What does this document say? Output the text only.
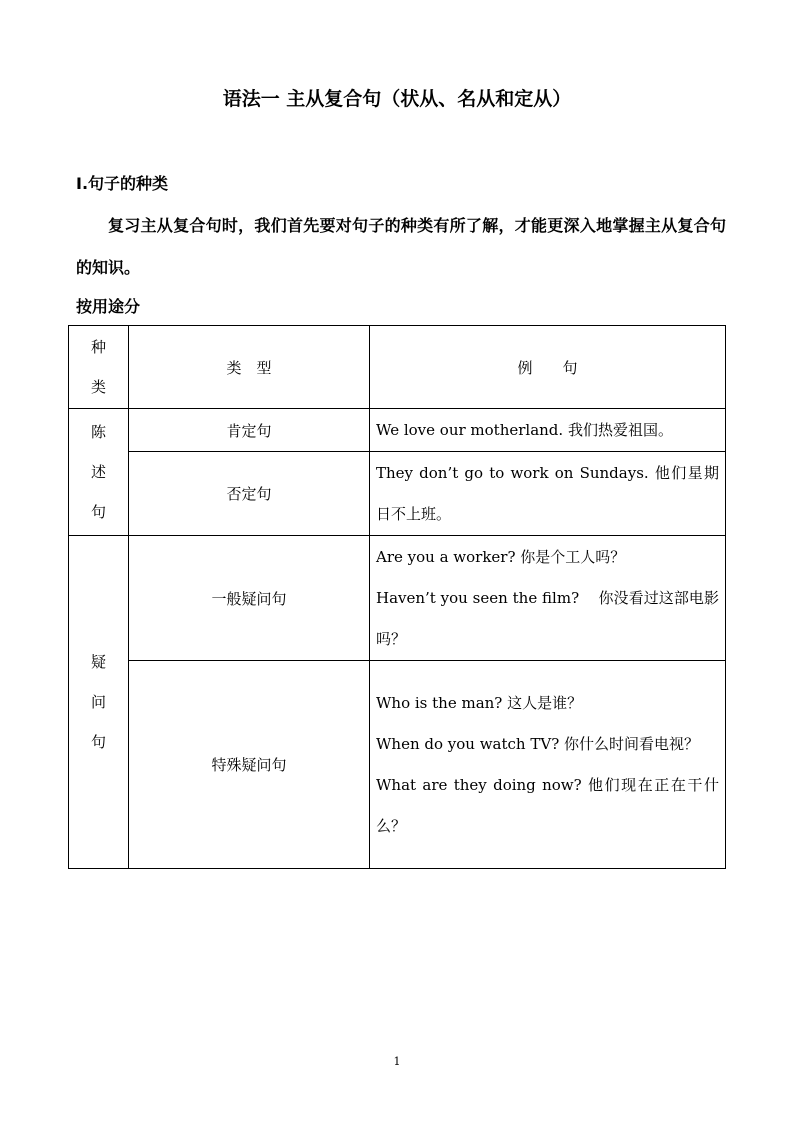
语法一 主从复合句（状从、名从和定从）
I.句子的种类
复习主从复合句时，我们首先要对句子的种类有所了解，才能更深入地掌握主从复合句的知识。
按用途分
种类	类　型	例　　句
陈述句	肯定句	We love our motherland. 我们热爱祖国。

	否定句	They don’t go to work on Sundays. 他们星期日不上班。

疑问句	一般疑问句	Are you a worker? 你是个工人吗？
Haven’t you seen the film?    你没看过这部电影吗？

	特殊疑问句	Who is the man? 这人是谁？
When do you watch TV? 你什么时间看电视？
What are they doing now? 他们现在正在干什么？
1
